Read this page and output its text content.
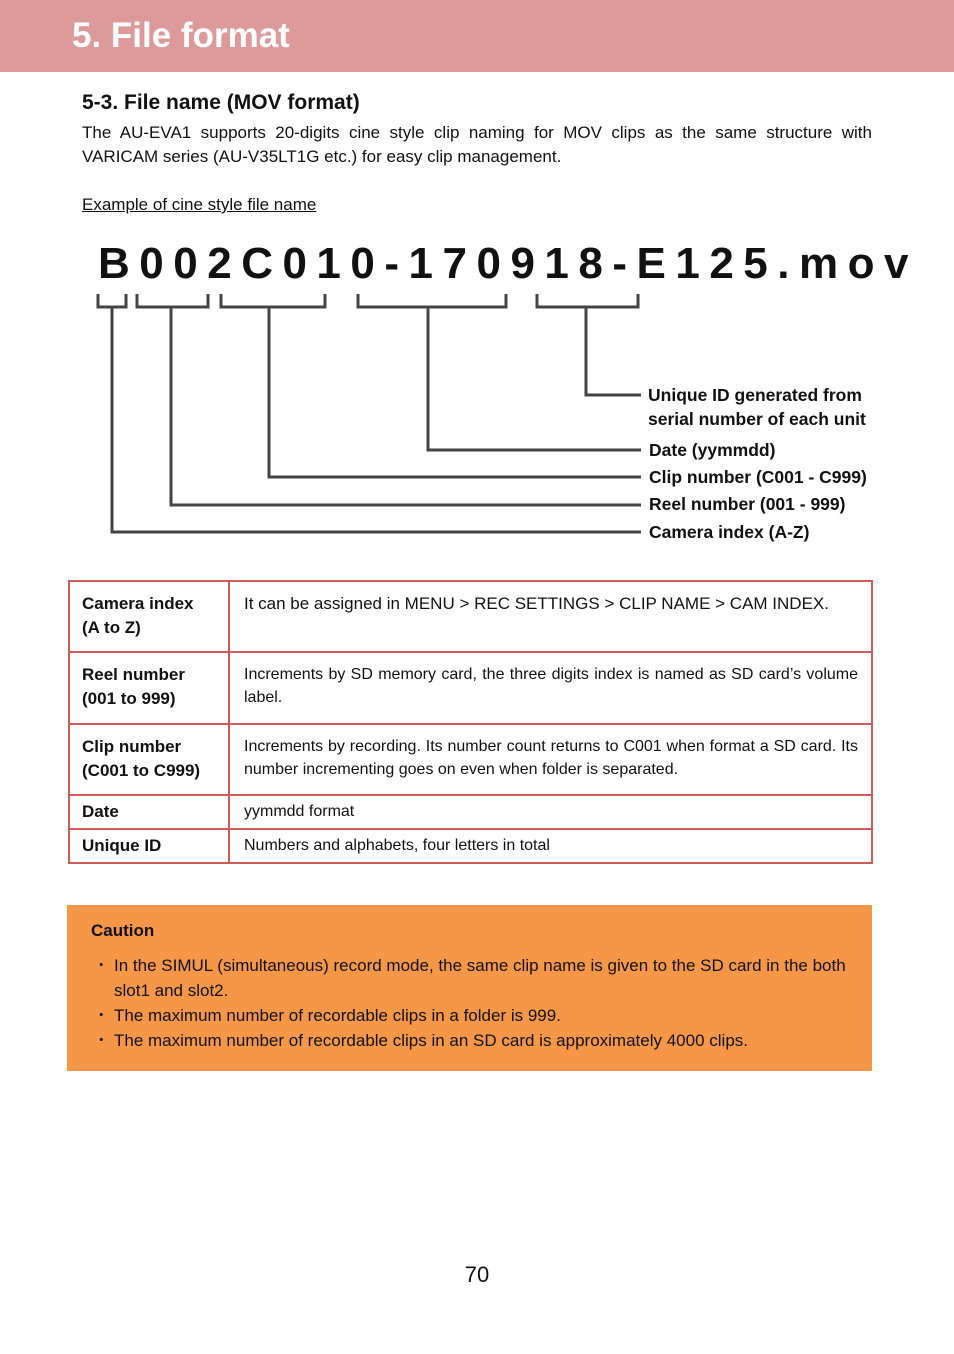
5. File format
5-3. File name (MOV format)
The AU-EVA1 supports 20-digits cine style clip naming for MOV clips as the same structure with VARICAM series (AU-V35LT1G etc.) for easy clip management.
Example of cine style file name
B002C010-170918-E125.mov
Unique ID generated from
serial number of each unit
Date (yymmdd)
Clip number (C001 - C999)
Reel number (001 - 999)
Camera index (A-Z)
Camera index
(A to Z)	It can be assigned in MENU > REC SETTINGS > CLIP NAME > CAM INDEX.

Reel number
(001 to 999)	Increments by SD memory card, the three digits index is named as SD card’s volume label.

Clip number
(C001 to C999)	Increments by recording. Its number count returns to C001 when format a SD card. Its number incrementing goes on even when folder is separated.
Date	yymmdd format
Unique ID	Numbers and alphabets, four letters in total
Caution
･ In the SIMUL (simultaneous) record mode, the same clip name is given to the SD card in the both slot1 and slot2.
･ The maximum number of recordable clips in a folder is 999.
･ The maximum number of recordable clips in an SD card is approximately 4000 clips.
70
